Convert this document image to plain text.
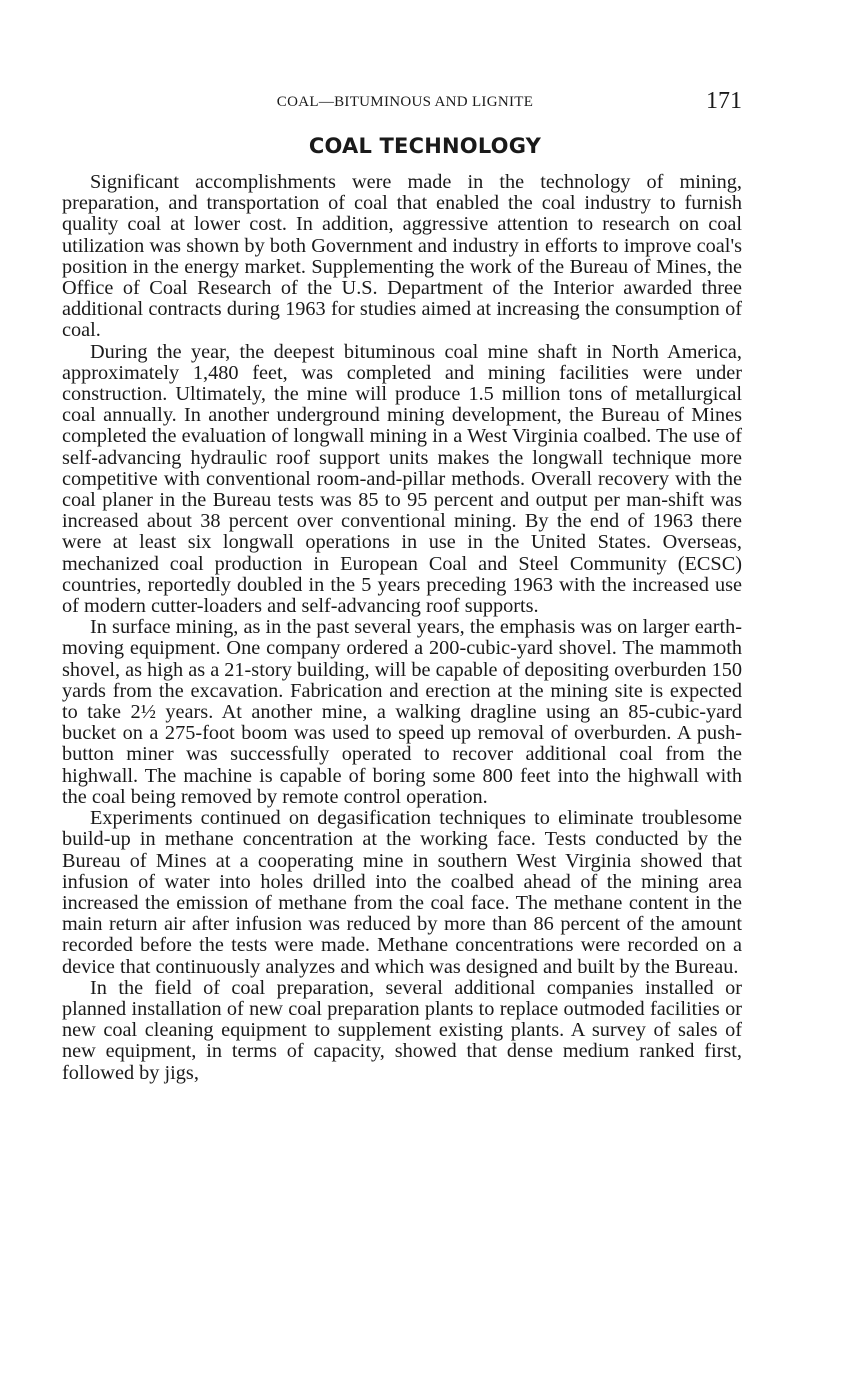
COAL—BITUMINOUS AND LIGNITE	171
COAL TECHNOLOGY

Significant accomplishments were made in the technology of mining, preparation, and transportation of coal that enabled the coal industry to furnish quality coal at lower cost. In addition, aggressive attention to research on coal utilization was shown by both Government and industry in efforts to improve coal's position in the energy market. Supplementing the work of the Bureau of Mines, the Office of Coal Research of the U.S. Department of the Interior awarded three additional contracts during 1963 for studies aimed at increasing the consumption of coal.

During the year, the deepest bituminous coal mine shaft in North America, approximately 1,480 feet, was completed and mining facilities were under construction. Ultimately, the mine will produce 1.5 million tons of metallurgical coal annually. In another underground mining development, the Bureau of Mines completed the evaluation of longwall mining in a West Virginia coalbed. The use of self-advancing hydraulic roof support units makes the longwall technique more competitive with conventional room-and-pillar methods. Overall recovery with the coal planer in the Bureau tests was 85 to 95 percent and output per man-shift was increased about 38 percent over conventional mining. By the end of 1963 there were at least six longwall operations in use in the United States. Overseas, mechanized coal production in European Coal and Steel Community (ECSC) countries, reportedly doubled in the 5 years preceding 1963 with the increased use of modern cutter-loaders and self-advancing roof supports.

In surface mining, as in the past several years, the emphasis was on larger earth-moving equipment. One company ordered a 200-cubic-yard shovel. The mammoth shovel, as high as a 21-story building, will be capable of depositing overburden 150 yards from the excavation. Fabrication and erection at the mining site is expected to take 2½ years. At another mine, a walking dragline using an 85-cubic-yard bucket on a 275-foot boom was used to speed up removal of overburden. A push-button miner was successfully operated to recover additional coal from the highwall. The machine is capable of boring some 800 feet into the highwall with the coal being removed by remote control operation.

Experiments continued on degasification techniques to eliminate troublesome build-up in methane concentration at the working face. Tests conducted by the Bureau of Mines at a cooperating mine in southern West Virginia showed that infusion of water into holes drilled into the coalbed ahead of the mining area increased the emission of methane from the coal face. The methane content in the main return air after infusion was reduced by more than 86 percent of the amount recorded before the tests were made. Methane concentrations were recorded on a device that continuously analyzes and which was designed and built by the Bureau.

In the field of coal preparation, several additional companies installed or planned installation of new coal preparation plants to replace outmoded facilities or new coal cleaning equipment to supplement existing plants. A survey of sales of new equipment, in terms of capacity, showed that dense medium ranked first, followed by jigs,
